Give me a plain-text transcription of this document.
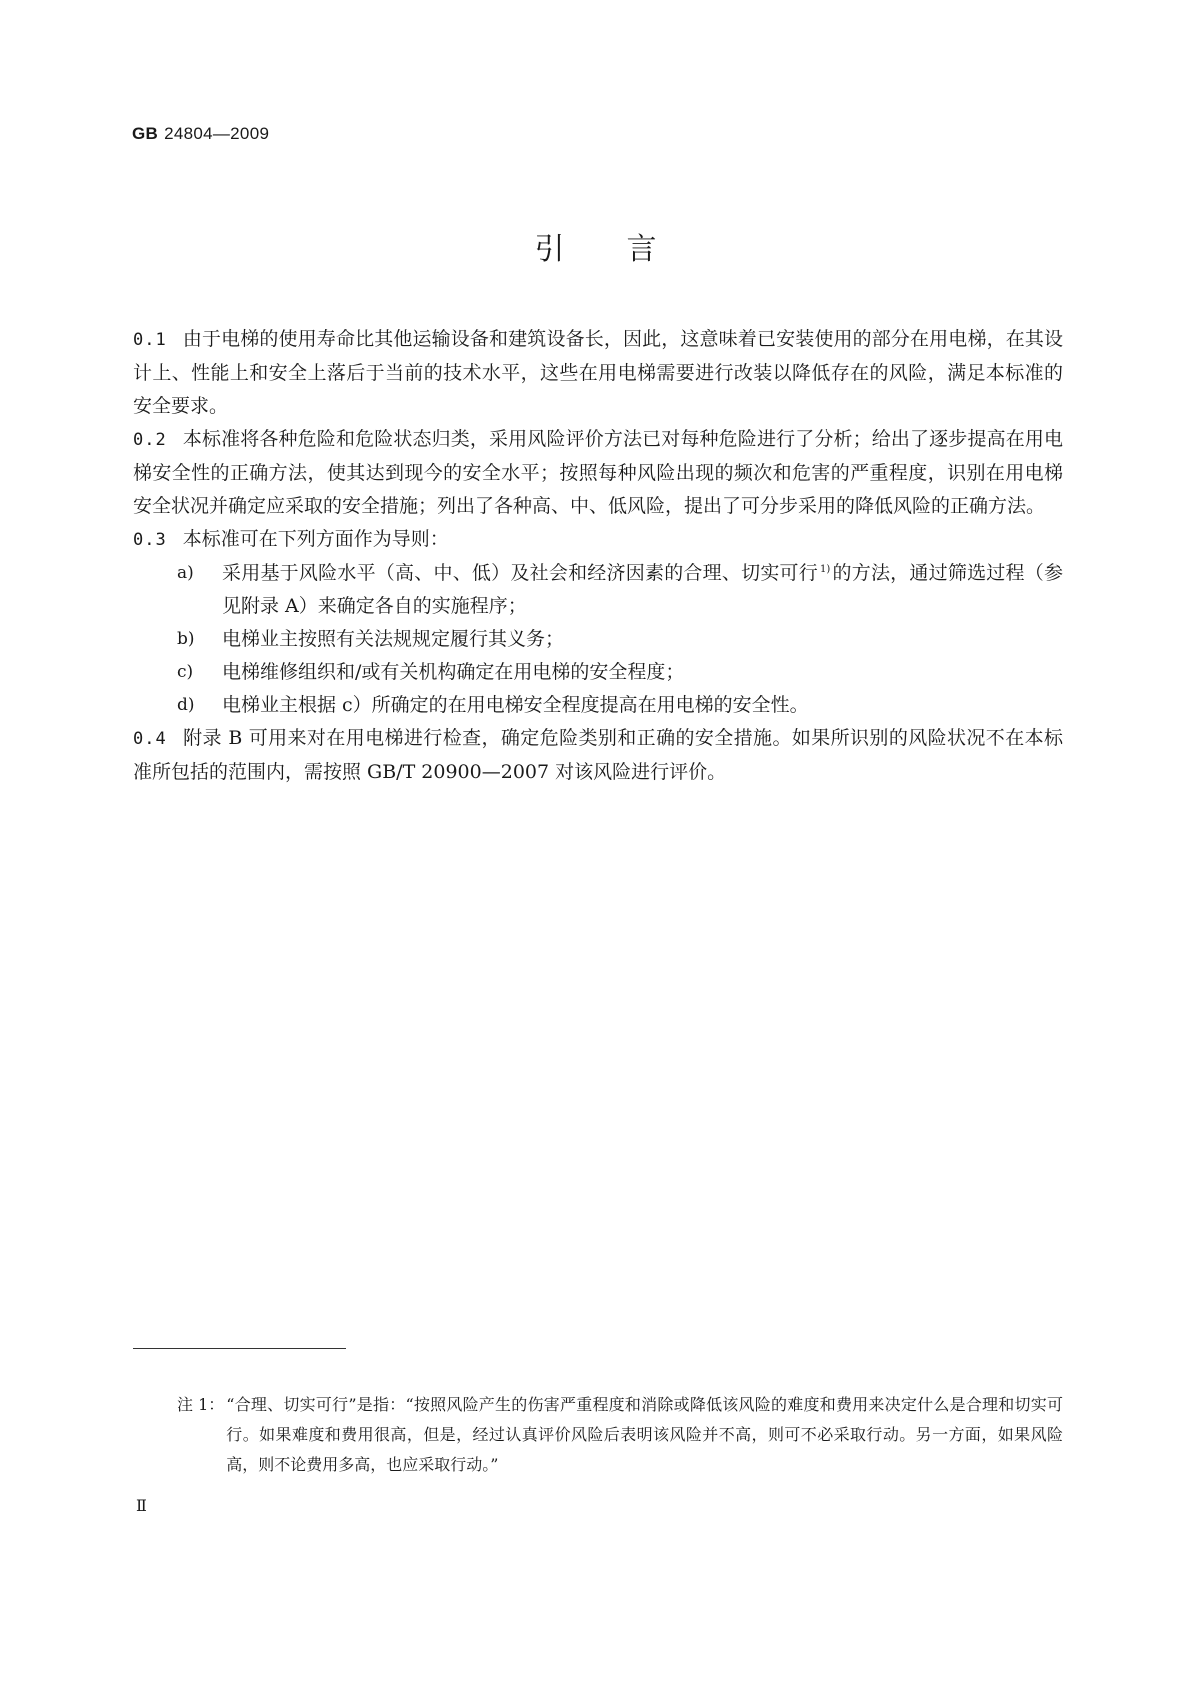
GB 24804—2009
引言
0.1 由于电梯的使用寿命比其他运输设备和建筑设备长，因此，这意味着已安装使用的部分在用电梯，在其设计上、性能上和安全上落后于当前的技术水平，这些在用电梯需要进行改装以降低存在的风险，满足本标准的安全要求。
0.2 本标准将各种危险和危险状态归类，采用风险评价方法已对每种危险进行了分析；给出了逐步提高在用电梯安全性的正确方法，使其达到现今的安全水平；按照每种风险出现的频次和危害的严重程度，识别在用电梯安全状况并确定应采取的安全措施；列出了各种高、中、低风险，提出了可分步采用的降低风险的正确方法。
0.3 本标准可在下列方面作为导则：
a)	采用基于风险水平（高、中、低）及社会和经济因素的合理、切实可行 $^{1)}$ 的方法，通过筛选过程（参见附录 A）来确定各自的实施程序；
b)	电梯业主按照有关法规规定履行其义务；
c)	电梯维修组织和/或有关机构确定在用电梯的安全程度；
d)	电梯业主根据 c）所确定的在用电梯安全程度提高在用电梯的安全性。
0.4 附录 B 可用来对在用电梯进行检查，确定危险类别和正确的安全措施。如果所识别的风险状况不在本标准所包括的范围内，需按照 GB/T 20900—2007 对该风险进行评价。
注 1： “合理、切实可行”是指：“按照风险产生的伤害严重程度和消除或降低该风险的难度和费用来决定什么是合理和切实可行。如果难度和费用很高，但是，经过认真评价风险后表明该风险并不高，则可不必采取行动。另一方面，如果风险高，则不论费用多高，也应采取行动。”
Ⅱ
